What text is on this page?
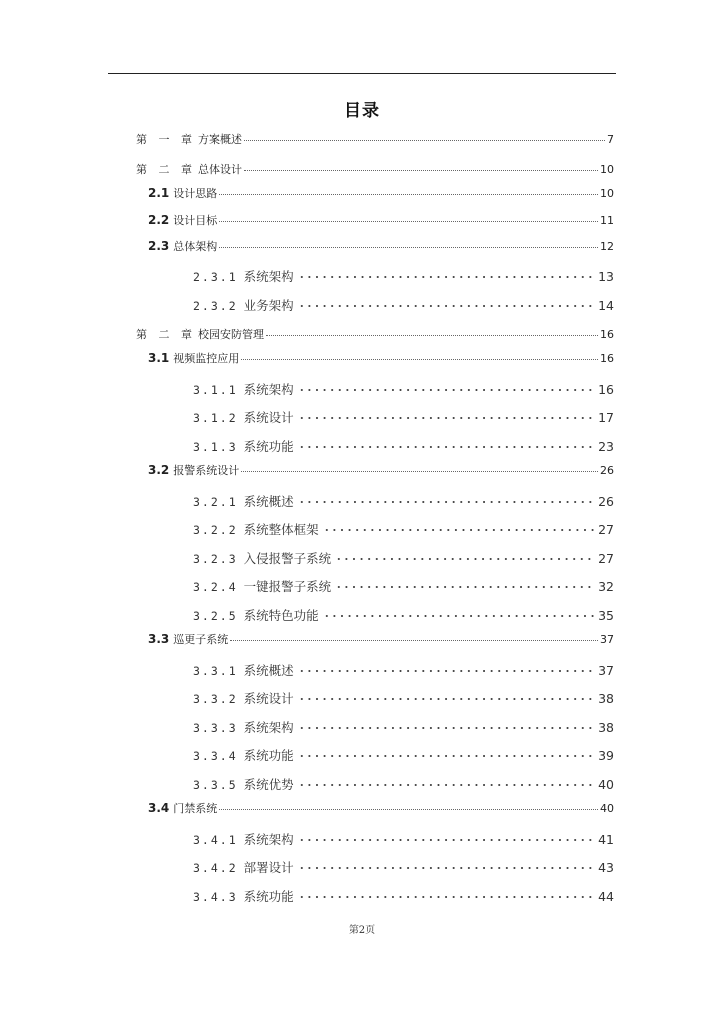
目录
第 一 章 方案概述	7
第 二 章 总体设计	10
2.1 设计思路	10
2.2 设计目标	11
2.3 总体架构	12
2.3.1 系统架构	13
2.3.2 业务架构	14
第 二 章 校园安防管理	16
3.1 视频监控应用	16
3.1.1 系统架构	16
3.1.2 系统设计	17
3.1.3 系统功能	23
3.2 报警系统设计	26
3.2.1 系统概述	26
3.2.2 系统整体框架	27
3.2.3 入侵报警子系统	27
3.2.4 一键报警子系统	32
3.2.5 系统特色功能	35
3.3 巡更子系统	37
3.3.1 系统概述	37
3.3.2 系统设计	38
3.3.3 系统架构	38
3.3.4 系统功能	39
3.3.5 系统优势	40
3.4 门禁系统	40
3.4.1 系统架构	41
3.4.2 部署设计	43
3.4.3 系统功能	44
第2页
